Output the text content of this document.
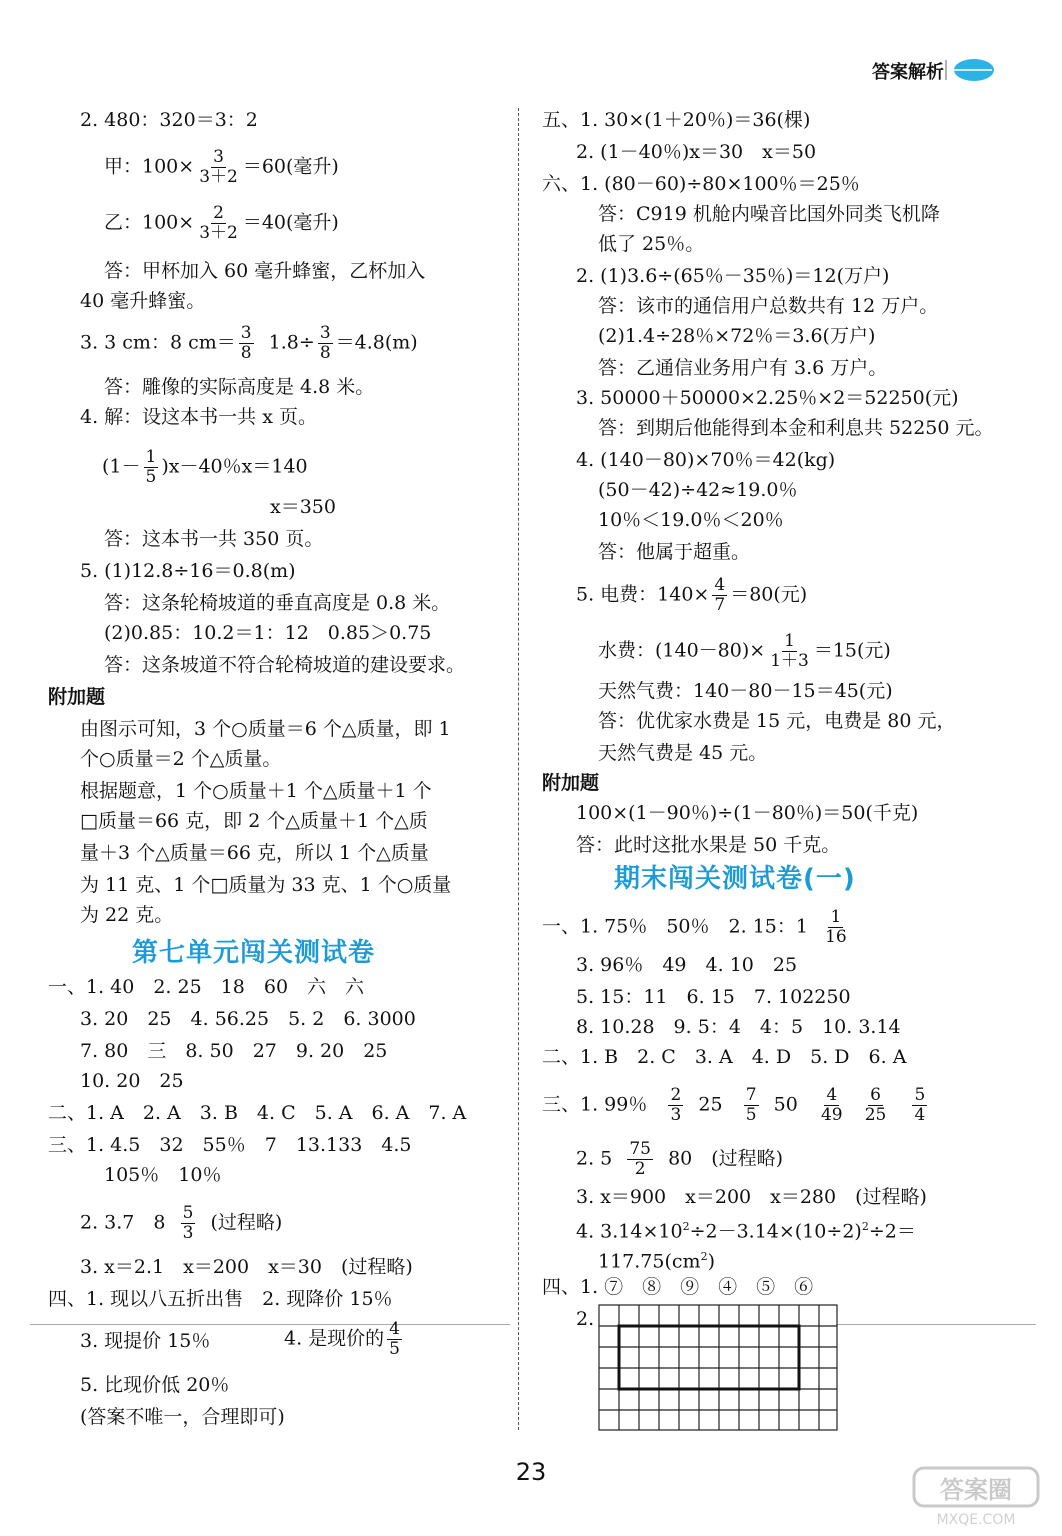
答案解析
2. 480：320＝3：2
甲：$100\times \frac{3}{3+2} =60$(毫升)
乙：$100\times \frac{2}{3+2} =40$(毫升)
答：甲杯加入 60 毫升蜂蜜，乙杯加入
40 毫升蜂蜜。
3. 3 cm：8 $cm= \frac{3}{8} 1.8\div \frac{3}{8} =4.8(m)$
答：雕像的实际高度是 4.8 米。
4. 解：设这本书一共 x 页。
$(1- \frac{1}{5} )x-40$％x＝140
x＝350
答：这本书一共 350 页。
5. (1)12.8÷16＝0.8(m)
答：这条轮椅坡道的垂直高度是 0.8 米。
(2)0.85：10.2＝1：12　0.85＞0.75
答：这条坡道不符合轮椅坡道的建设要求。
附加题
由图示可知，3 个○质量＝6 个△质量，即 1
个○质量＝2 个△质量。
根据题意，1 个○质量＋1 个△质量＋1 个
□质量＝66 克，即 2 个△质量＋1 个△质
量＋3 个△质量＝66 克，所以 1 个△质量
为 11 克、1 个□质量为 33 克、1 个○质量
为 22 克。
第七单元闯关测试卷
一、1. 40　2. 25　18　60　六　六
3. 20　25　4. 56.25　5. 2　6. 3000
7. 80　三　8. 50　27　9. 20　25
10. 20　25
二、1. A　2. A　3. B　4. C　5. A　6. A　7. A
三、1. 4.5　32　55％　7　13.133　4.5
105％　10％
2. 3.7　$8 \frac{5}{3}$ (过程略)
3. x＝2.1　x＝200　x＝30　(过程略)
四、1. 现以八五折出售　2. 现降价 15％
3. 现提价 15％	4. 是现价的 $\frac{4}{5}$
5. 比现价低 20％
(答案不唯一，合理即可)
五、1. 30×(1＋20％)＝36(棵)
2. (1－40％)x＝30　x＝50
六、1. (80－60)÷80×100％＝25％
答：C919 机舱内噪音比国外同类飞机降
低了 25％。
2. (1)3.6÷(65％－35％)＝12(万户)
答：该市的通信用户总数共有 12 万户。
(2)1.4÷28％×72％＝3.6(万户)
答：乙通信业务用户有 3.6 万户。
3. 50000＋50000×2.25％×2＝52250(元)
答：到期后他能得到本金和利息共 52250 元。
4. (140－80)×70％＝42(kg)
(50－42)÷42≈19.0％
10％＜19.0％＜20％
答：他属于超重。
5. 电费：$140\times \frac{4}{7} =80$(元)
水费：$(140-80)\times \frac{1}{1+3} =15$(元)
天然气费：140－80－15＝45(元)
答：优优家水费是 15 元，电费是 80 元，
天然气费是 45 元。
附加题
100×(1－90％)÷(1－80％)＝50(千克)
答：此时这批水果是 50 千克。
期末闯关测试卷(一)
一、1. 75％　50％　2. 15：$1 \frac{1}{16}$
3. 96％　49　4. 10　25
5. 15：11　6. 15　7. 102250
8. 10.28　9. 5：4　4：5　10. 3.14
二、1. B　2. C　3. A　4. D　5. D　6. A
三、1. 99％ $\frac{2}{3} 25 \frac{7}{5} 50 \frac{4}{49}$
$\frac{6}{25}$
$\frac{5}{4}$
2. $5 \frac{75}{2} 80$　(过程略)
3. x＝900　x＝200　x＝280　(过程略)
4. $3.14\times 10^2\div 2-3.14\times(10\div 2)^2\div 2=$
$117.75(cm^2)$
四、1. ⑦　⑧　⑨　④　⑤　⑥
2.
23
答案圈
MXQE.COM
